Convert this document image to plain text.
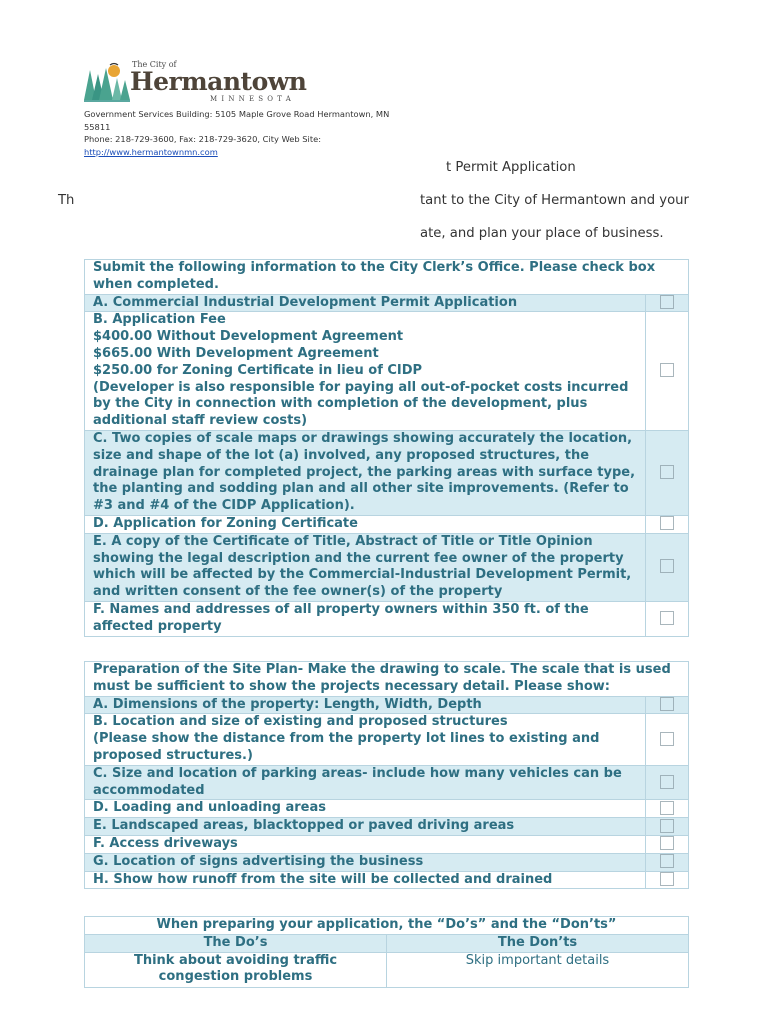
The City of
Hermantown
MINNESOTA
Government Services Building: 5105 Maple Grove Road Hermantown, MN
55811
Phone: 218-729-3600, Fax: 218-729-3620, City Web Site:
http://www.hermantownmn.com
t Permit Application
Th	tant to the City of Hermantown and your
ate, and plan your place of business.
Submit the following information to the City Clerk’s Office. Please check box when completed.	
A. Commercial Industrial Development Permit Application	
B. Application Fee
$400.00 Without Development Agreement
$665.00 With Development Agreement
$250.00 for Zoning Certificate in lieu of CIDP
(Developer is also responsible for paying all out-of-pocket costs incurred by the City in connection with completion of the development, plus additional staff review costs)	
C. Two copies of scale maps or drawings showing accurately the location, size and shape of the lot (a) involved, any proposed structures, the drainage plan for completed project, the parking areas with surface type, the planting and sodding plan and all other site improvements. (Refer to #3 and #4 of the CIDP Application).	
D. Application for Zoning Certificate	
E. A copy of the Certificate of Title, Abstract of Title or Title Opinion showing the legal description and the current fee owner of the property which will be affected by the Commercial-Industrial Development Permit, and written consent of the fee owner(s) of the property	
F. Names and addresses of all property owners within 350 ft. of the affected property	
Preparation of the Site Plan- Make the drawing to scale. The scale that is used must be sufficient to show the projects necessary detail. Please show:	
A. Dimensions of the property: Length, Width, Depth	
B. Location and size of existing and proposed structures
(Please show the distance from the property lot lines to existing and proposed structures.)	
C. Size and location of parking areas- include how many vehicles can be accommodated	
D. Loading and unloading areas	
E. Landscaped areas, blacktopped or paved driving areas	
F. Access driveways	
G. Location of signs advertising the business	
H. Show how runoff from the site will be collected and drained	
When preparing your application, the “Do’s” and the “Don’ts”	
The Do’s	The Don’ts
Think about avoiding traffic congestion problems	Skip important details
